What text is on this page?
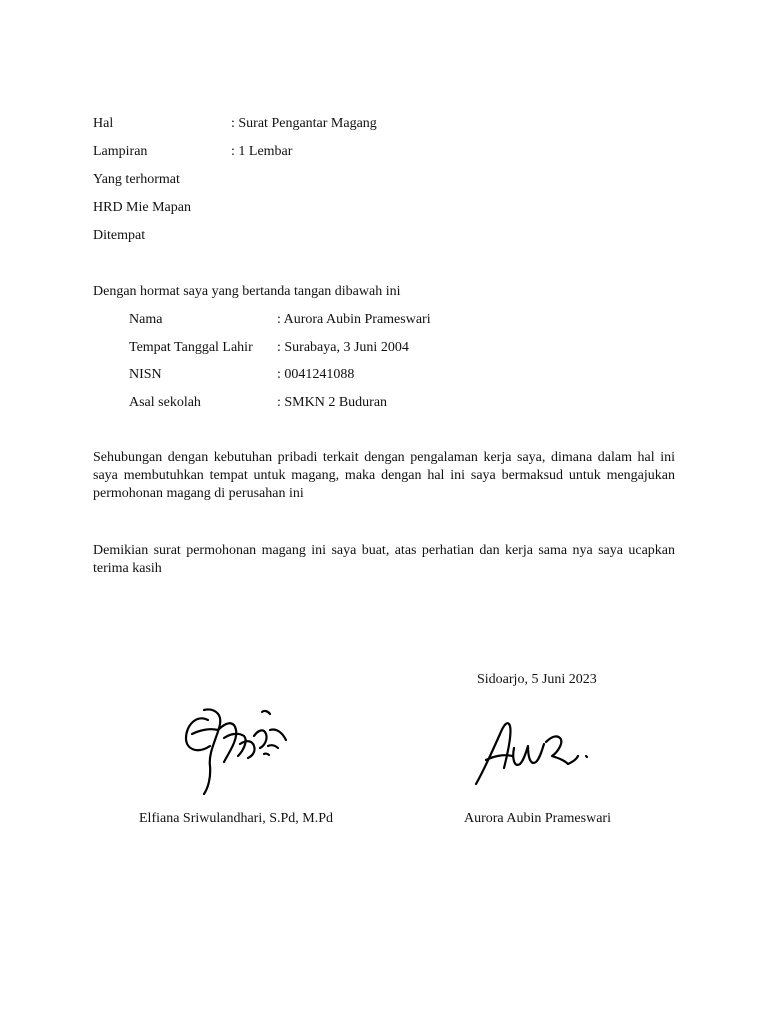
Hal	: Surat Pengantar Magang
Lampiran	: 1 Lembar
Yang terhormat
HRD Mie Mapan
Ditempat
Dengan hormat saya yang bertanda tangan dibawah ini
Nama	: Aurora Aubin Prameswari
Tempat Tanggal Lahir : Surabaya, 3 Juni 2004
NISN	: 0041241088
Asal sekolah	: SMKN 2 Buduran
Sehubungan dengan kebutuhan pribadi terkait dengan pengalaman kerja saya, dimana dalam hal ini saya membutuhkan tempat untuk magang, maka dengan hal ini saya bermaksud untuk mengajukan permohonan magang di perusahan ini
Demikian surat permohonan magang ini saya buat, atas perhatian dan kerja sama nya saya ucapkan terima kasih
Sidoarjo, 5 Juni 2023
Elfiana Sriwulandhari, S.Pd, M.Pd	Aurora Aubin Prameswari
